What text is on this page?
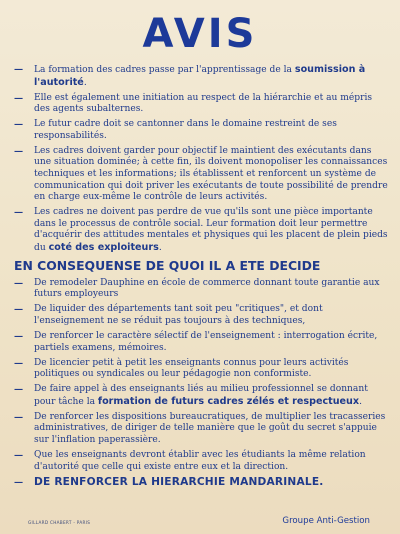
AVIS
— La formation des cadres passe par l'apprentissage de la soumission à l'autorité.
— Elle est également une initiation au respect de la hiérarchie et au mépris des agents subalternes.
— Le futur cadre doit se cantonner dans le domaine restreint de ses responsabilités.
— Les cadres doivent garder pour objectif le maintient des exécutants dans une situation dominée; à cette fin, ils doivent monopoliser les connaissances techniques et les informations; ils établissent et renforcent un système de communication qui doit priver les exécutants de toute possibilité de prendre en charge eux-même le contrôle de leurs activités.
— Les cadres ne doivent pas perdre de vue qu'ils sont une pièce importante dans le processus de contrôle social. Leur formation doit leur permettre d'acquérir des attitudes mentales et physiques qui les placent de plein pieds du coté des exploiteurs.
EN CONSEQUENSE DE QUOI IL A ETE DECIDE
— De remodeler Dauphine en école de commerce donnant toute garantie aux futurs employeurs
— De liquider des départements tant soit peu "critiques", et dont l'enseignement ne se réduit pas toujours à des techniques,
— De renforcer le caractère sélectif de l'enseignement : interrogation écrite, partiels examens, mémoires.
— De licencier petit à petit les enseignants connus pour leurs activités politiques ou syndicales ou leur pédagogie non conformiste.
— De faire appel à des enseignants liés au milieu professionnel se donnant pour tâche la formation de futurs cadres zélés et respectueux.
— De renforcer les dispositions bureaucratiques, de multiplier les tracasseries administratives, de diriger de telle manière que le goût du secret s'appuie sur l'inflation paperassière.
— Que les enseignants devront établir avec les étudiants la même relation d'autorité que celle qui existe entre eux et la direction.
— DE RENFORCER LA HIERARCHIE MANDARINALE.
GILLARD CHABERT - PARIS	Groupe Anti-Gestion
